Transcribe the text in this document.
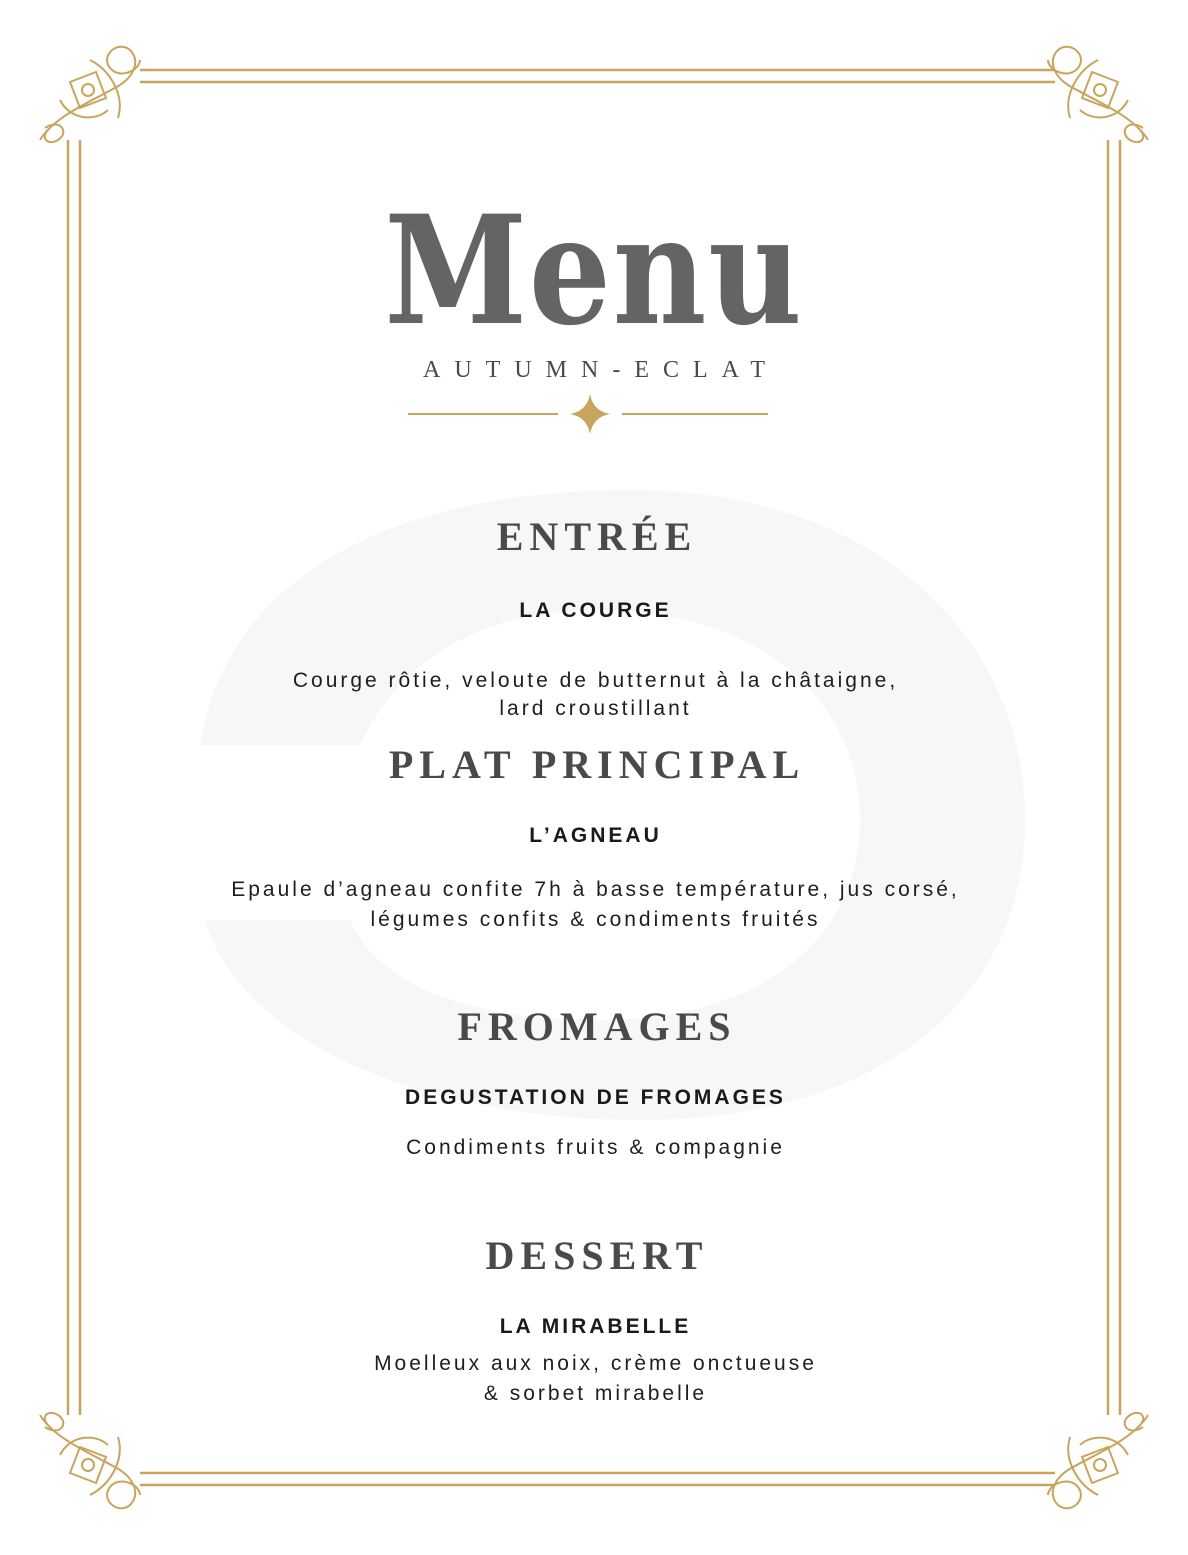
Menu
AUTUMN-ECLAT
ENTRÉE
LA COURGE
Courge rôtie, veloute de butternut à la châtaigne,
lard croustillant
PLAT PRINCIPAL
L’AGNEAU
Epaule d’agneau confite 7h à basse température, jus corsé,
légumes confits & condiments fruités
FROMAGES
DEGUSTATION DE FROMAGES
Condiments fruits & compagnie
DESSERT
LA MIRABELLE
Moelleux aux noix, crème onctueuse
& sorbet mirabelle
